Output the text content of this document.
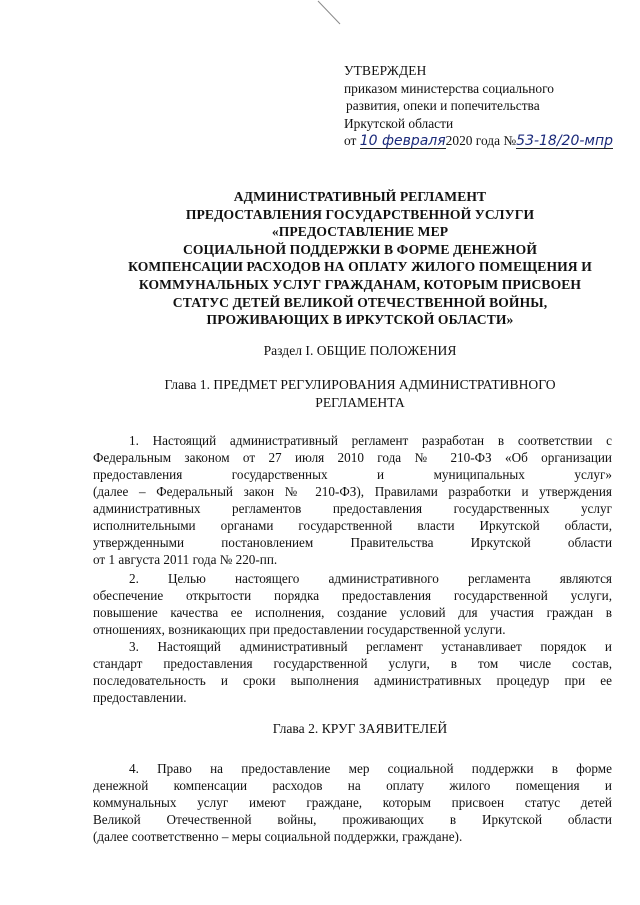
УТВЕРЖДЕН
приказом министерства социального
развития, опеки и попечительства
Иркутской области
от 10 февраля2020 года №53-18/20-мпр
АДМИНИСТРАТИВНЫЙ РЕГЛАМЕНТ
ПРЕДОСТАВЛЕНИЯ ГОСУДАРСТВЕННОЙ УСЛУГИ
«ПРЕДОСТАВЛЕНИЕ МЕР
СОЦИАЛЬНОЙ ПОДДЕРЖКИ В ФОРМЕ ДЕНЕЖНОЙ
КОМПЕНСАЦИИ РАСХОДОВ НА ОПЛАТУ ЖИЛОГО ПОМЕЩЕНИЯ И
КОММУНАЛЬНЫХ УСЛУГ ГРАЖДАНАМ, КОТОРЫМ ПРИСВОЕН
СТАТУС ДЕТЕЙ ВЕЛИКОЙ ОТЕЧЕСТВЕННОЙ ВОЙНЫ,
ПРОЖИВАЮЩИХ В ИРКУТСКОЙ ОБЛАСТИ»
Раздел I. ОБЩИЕ ПОЛОЖЕНИЯ
Глава 1. ПРЕДМЕТ РЕГУЛИРОВАНИЯ АДМИНИСТРАТИВНОГО
РЕГЛАМЕНТА
1. Настоящий административный регламент разработан в соответствии с
Федеральным законом от 27 июля 2010 года № 210-ФЗ «Об организации
предоставления государственных и муниципальных услуг»
(далее – Федеральный закон № 210-ФЗ), Правилами разработки и утверждения
административных регламентов предоставления государственных услуг
исполнительными органами государственной власти Иркутской области,
утвержденными постановлением Правительства Иркутской области
от 1 августа 2011 года № 220-пп.
2. Целью настоящего административного регламента являются
обеспечение открытости порядка предоставления государственной услуги,
повышение качества ее исполнения, создание условий для участия граждан в
отношениях, возникающих при предоставлении государственной услуги.
3. Настоящий административный регламент устанавливает порядок и
стандарт предоставления государственной услуги, в том числе состав,
последовательность и сроки выполнения административных процедур при ее
предоставлении.
Глава 2. КРУГ ЗАЯВИТЕЛЕЙ
4. Право на предоставление мер социальной поддержки в форме
денежной компенсации расходов на оплату жилого помещения и
коммунальных услуг имеют граждане, которым присвоен статус детей
Великой Отечественной войны, проживающих в Иркутской области
(далее соответственно – меры социальной поддержки, граждане).
